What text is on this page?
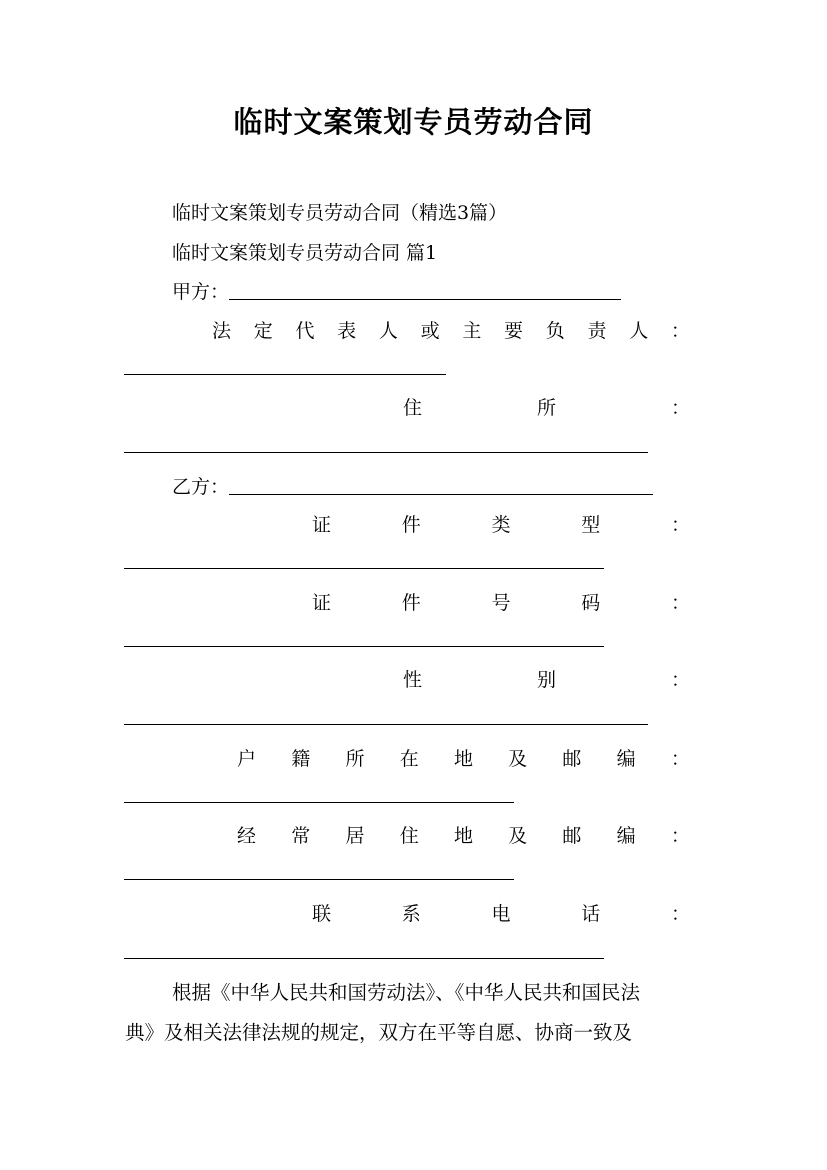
临时文案策划专员劳动合同
临时文案策划专员劳动合同（精选3篇）
临时文案策划专员劳动合同 篇1
甲方：
法 定 代 表 人 或 主 要 负 责 人 ：
住	所	：
乙方：
证	件	类	型	：
证	件	号	码	：
性	别	：
户 籍 所 在 地 及 邮 编 ：
经 常 居 住 地 及 邮 编 ：
联	系	电	话	：
根据《中华人民共和国劳动法》、《中华人民共和国民法
典》及相关法律法规的规定，双方在平等自愿、协商一致及
